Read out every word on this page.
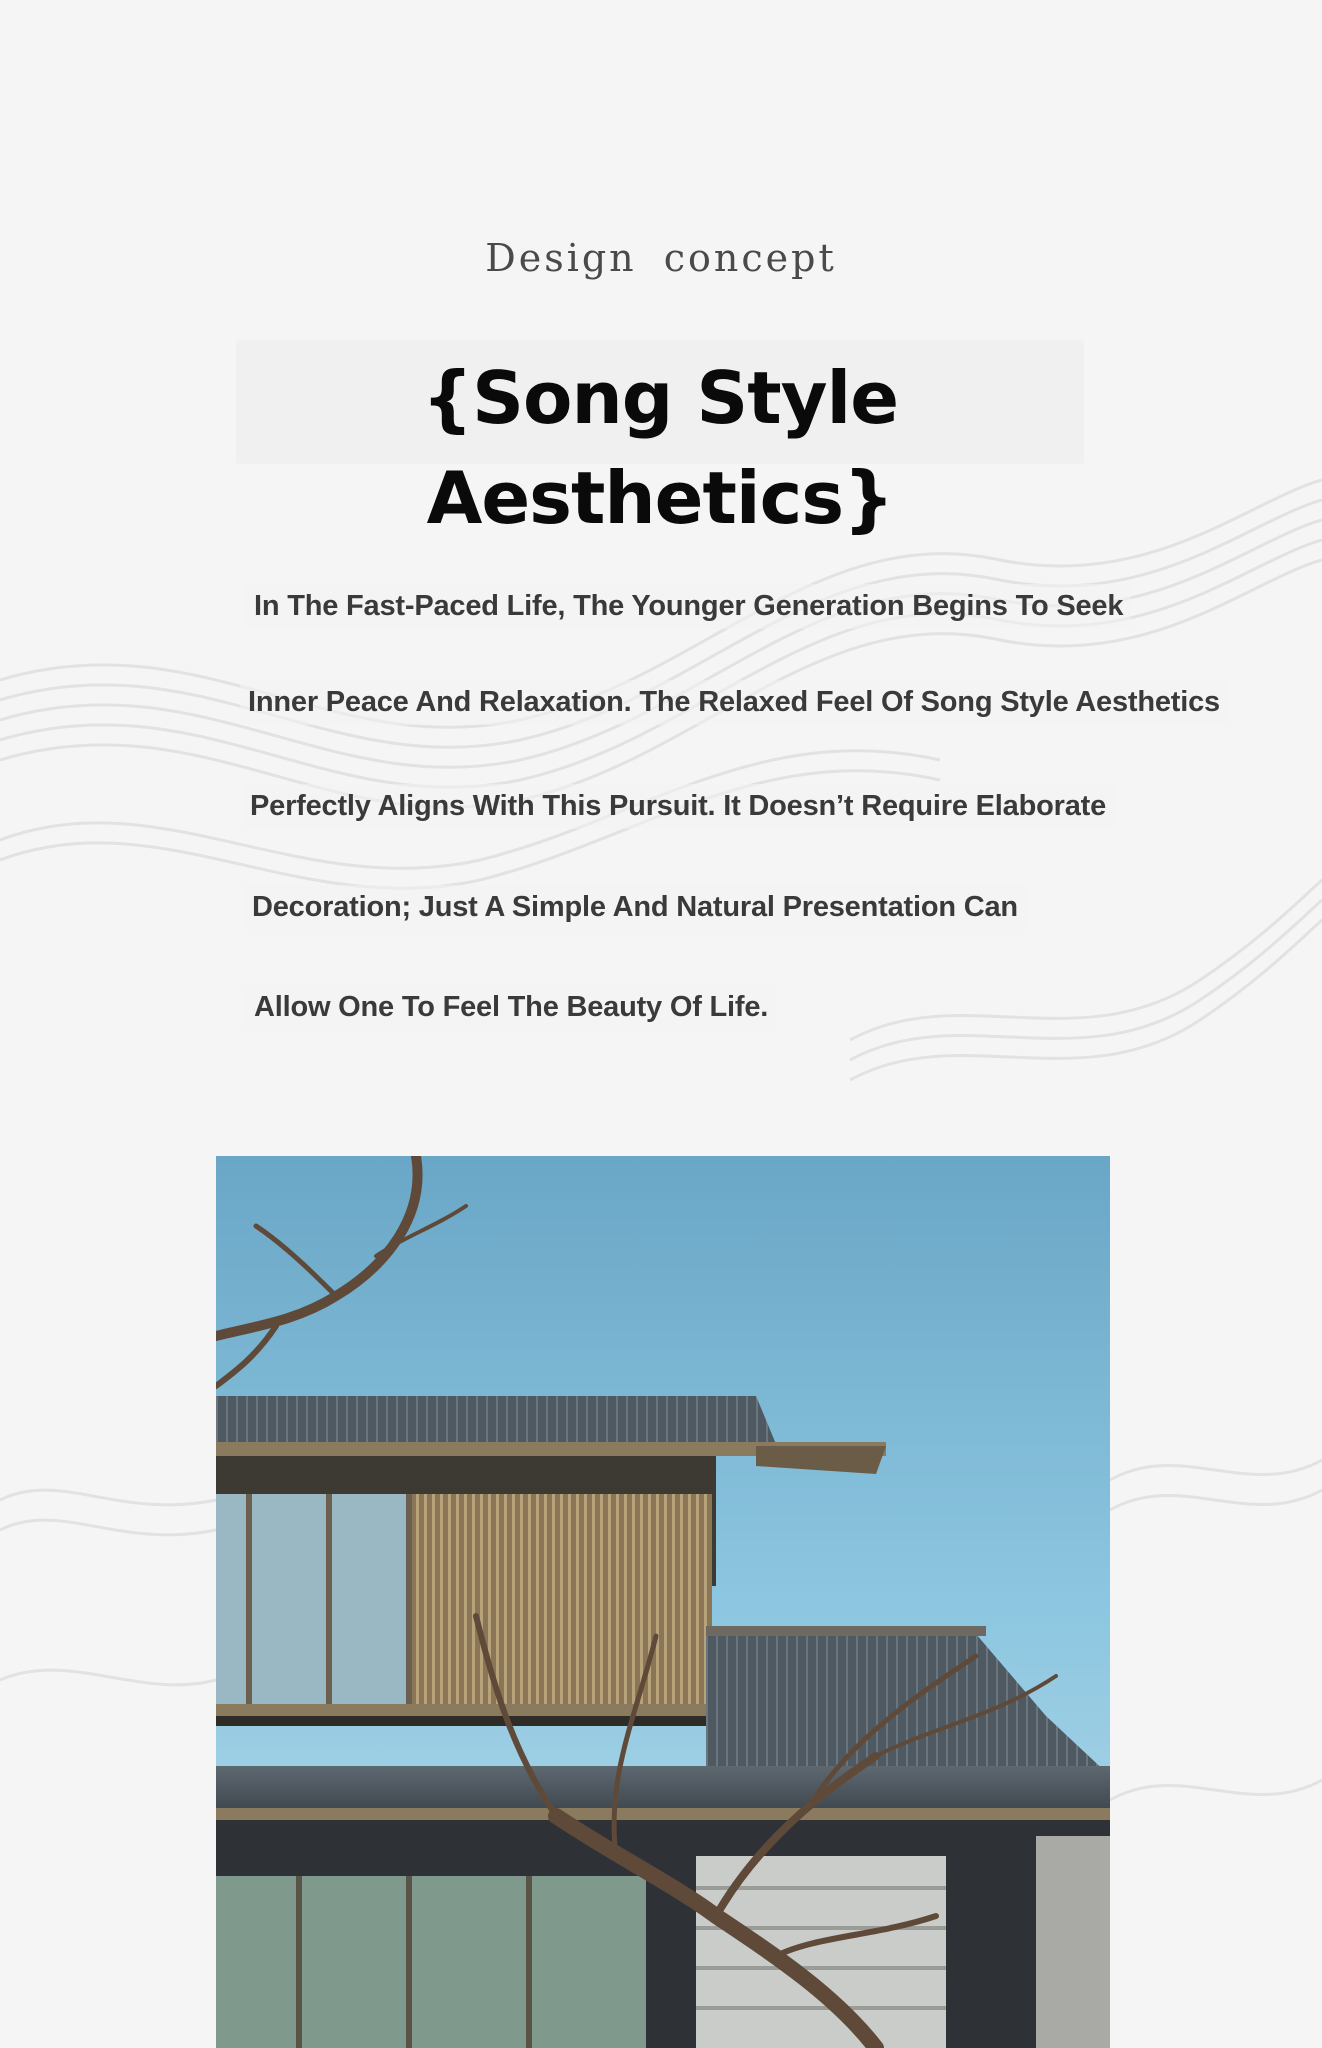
Design concept
{Song Style Aesthetics}
In The Fast-Paced Life, The Younger Generation Begins To Seek
Inner Peace And Relaxation. The Relaxed Feel Of Song Style Aesthetics
Perfectly Aligns With This Pursuit. It Doesn’t Require Elaborate
Decoration; Just A Simple And Natural Presentation Can
Allow One To Feel The Beauty Of Life.
